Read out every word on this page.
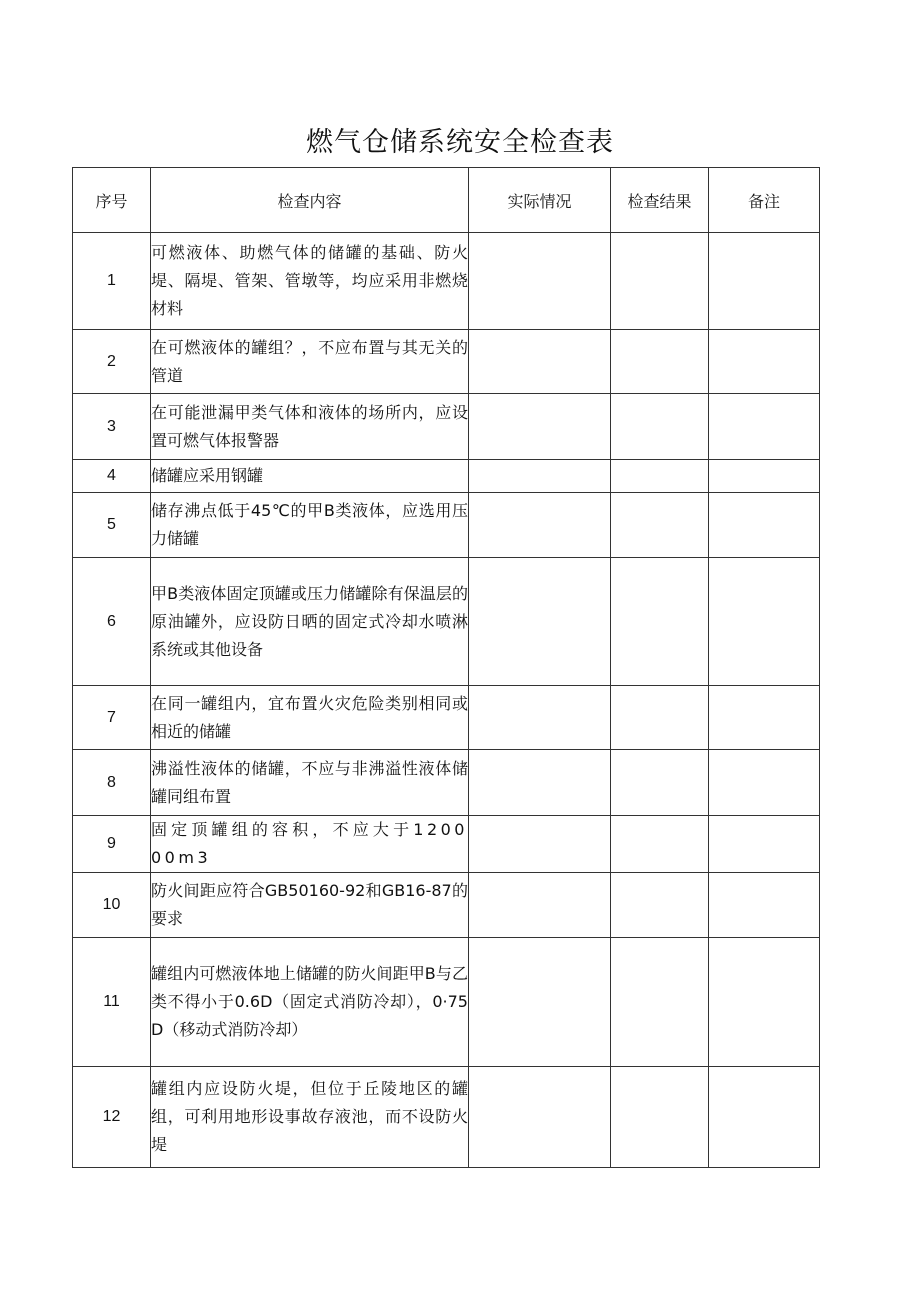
燃气仓储系统安全检查表
序号	检查内容	实际情况	检查结果	备注
1	可燃液体、助燃气体的储罐的基础、防火堤、隔堤、管架、管墩等，均应采用非燃烧材料			
2	在可燃液体的罐组？，不应布置与其无关的管道			
3	在可能泄漏甲类气体和液体的场所内，应设置可燃气体报警器			
4	储罐应采用钢罐			
5	储存沸点低于45℃的甲B类液体，应选用压力储罐			
6	甲B类液体固定顶罐或压力储罐除有保温层的原油罐外，应设防日晒的固定式冷却水喷淋系统或其他设备			
7	在同一罐组内，宜布置火灾危险类别相同或相近的储罐			
8	沸溢性液体的储罐，不应与非沸溢性液体储罐同组布置			
9	固定顶罐组的容积，不应大于120000m3			
10	防火间距应符合GB50160-92和GB16-87的要求			
11	罐组内可燃液体地上储罐的防火间距甲B与乙类不得小于0.6D（固定式消防冷却），0·75D（移动式消防冷却）			
12	罐组内应设防火堤，但位于丘陵地区的罐组，可利用地形设事故存液池，而不设防火堤			
